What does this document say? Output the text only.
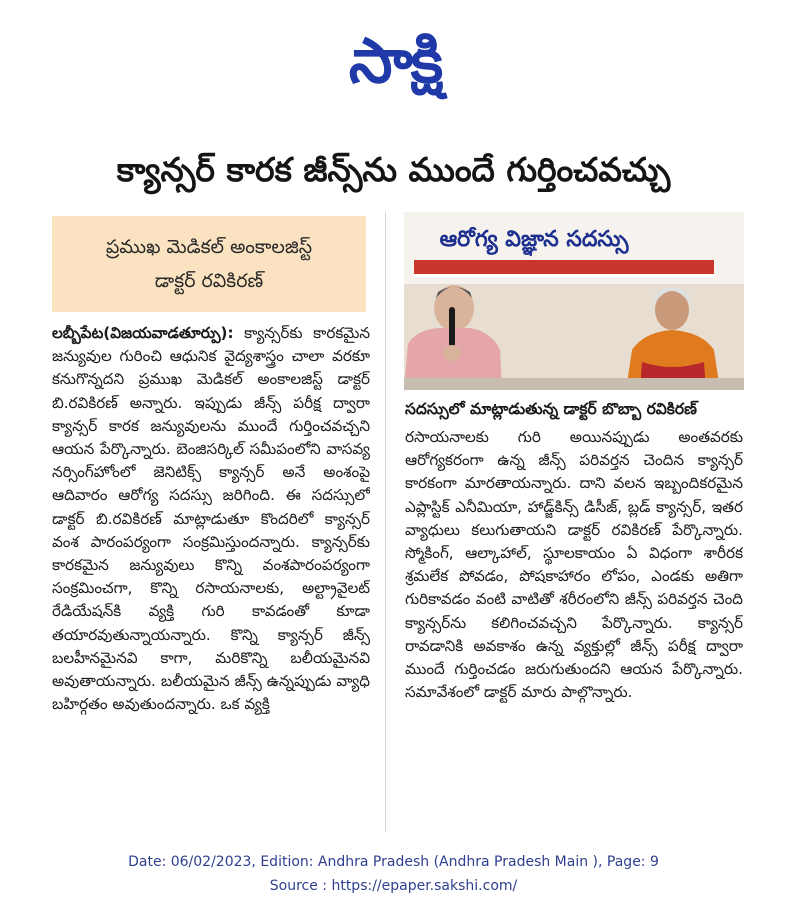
సాక్షి
క్యాన్సర్ కారక జీన్స్‌ను ముందే గుర్తించవచ్చు
ప్రముఖ మెడికల్ అంకాలజిస్ట్
డాక్టర్ రవికిరణ్
లబ్బీపేట(విజయవాడతూర్పు): క్యాన్సర్‌కు కారకమైన జన్యువుల గురించి ఆధునిక వైద్యశాస్త్రం చాలా వరకూ కనుగొన్నదని ప్రముఖ మెడికల్ అంకాలజిస్ట్ డాక్టర్ బి.రవికిరణ్ అన్నారు. ఇప్పుడు జీన్స్ పరీక్ష ద్వారా క్యాన్సర్ కారక జన్యువులను ముందే గుర్తించవచ్చని ఆయన పేర్కొన్నారు. బెంజిసర్కిల్ సమీపంలోని వాసవ్య నర్సింగ్‌హోంలో జెనిటిక్స్ క్యాన్సర్ అనే అంశంపై ఆదివారం ఆరోగ్య సదస్సు జరిగింది. ఈ సదస్సులో డాక్టర్ బి.రవికిరణ్ మాట్లాడుతూ కొందరిలో క్యాన్సర్ వంశ పారంపర్యంగా సంక్రమిస్తుందన్నారు. క్యాన్సర్‌కు కారకమైన జన్యువులు కొన్ని వంశపారంపర్యంగా సంక్రమించగా, కొన్ని రసాయనాలకు, అల్ట్రావైలట్ రేడియేషన్‌కి వ్యక్తి గురి కావడంతో కూడా తయారవుతున్నాయన్నారు. కొన్ని క్యాన్సర్ జీన్స్ బలహీనమైనవి కాగా, మరికొన్ని బలీయమైనవి అవుతాయన్నారు. బలీయమైన జీన్స్ ఉన్నప్పుడు వ్యాధి బహిర్గతం అవుతుందన్నారు. ఒక వ్యక్తి
ఆరోగ్య విజ్ఞాన సదస్సు
సదస్సులో మాట్లాడుతున్న డాక్టర్ బొబ్బా రవికిరణ్
రసాయనాలకు గురి అయినప్పుడు అంతవరకు ఆరోగ్యకరంగా ఉన్న జీన్స్ పరివర్తన చెందిన క్యాన్సర్ కారకంగా మారతాయన్నారు. దాని వలన ఇబ్బందికరమైన ఎప్లాస్టిక్ ఎనీమియా, హాడ్జ్‌కిన్స్ డిసీజ్, బ్లడ్ క్యాన్సర్, ఇతర వ్యాధులు కలుగుతాయని డాక్టర్ రవికిరణ్ పేర్కొన్నారు. స్మోకింగ్, ఆల్కాహాల్, స్థూలకాయం ఏ విధంగా శారీరక శ్రమలేక పోవడం, పోషకాహారం లోపం, ఎండకు అతిగా గురికావడం వంటి వాటితో శరీరంలోని జీన్స్ పరివర్తన చెంది క్యాన్సర్‌ను కలిగించవచ్చని పేర్కొన్నారు. క్యాన్సర్ రావడానికి అవకాశం ఉన్న వ్యక్తుల్లో జీన్స్ పరీక్ష ద్వారా ముందే గుర్తించడం జరుగుతుందని ఆయన పేర్కొన్నారు. సమావేశంలో డాక్టర్ మారు పాల్గొన్నారు.
Date: 06/02/2023, Edition: Andhra Pradesh (Andhra Pradesh Main ), Page: 9
Source : https://epaper.sakshi.com/
